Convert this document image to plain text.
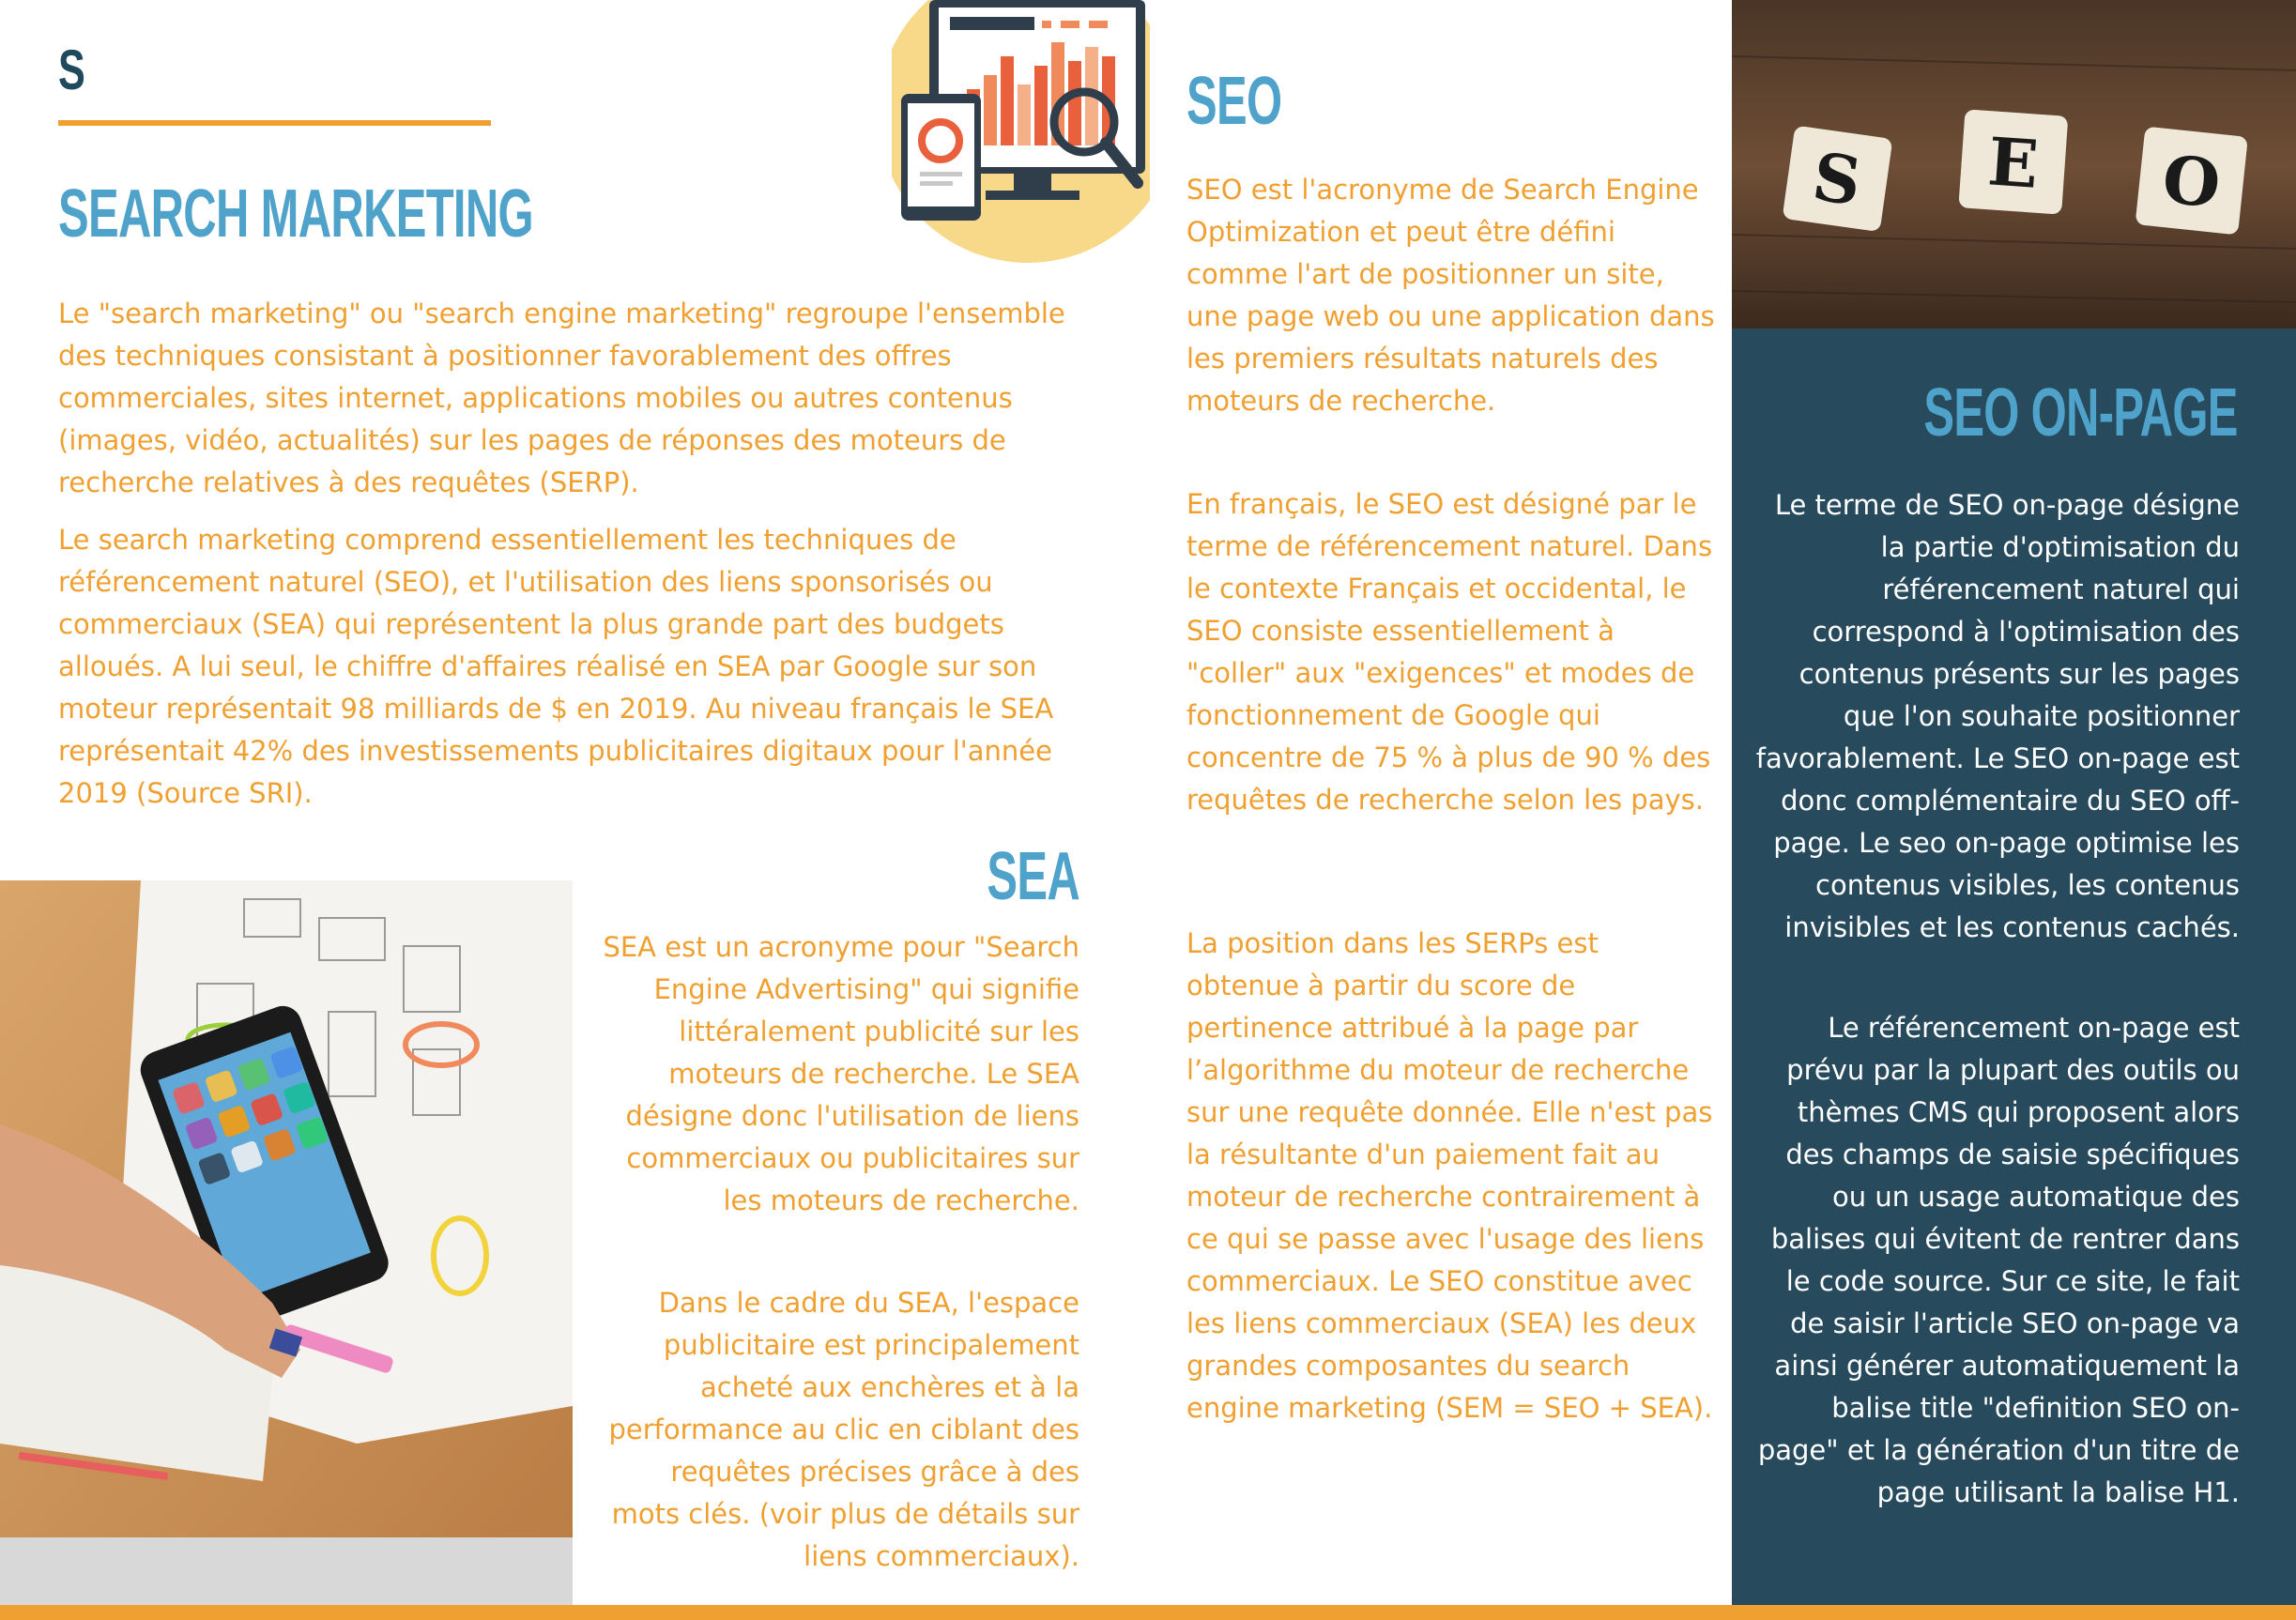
S
SEARCH MARKETING

Le "search marketing" ou "search engine marketing" regroupe l'ensemble des techniques consistant à positionner favorablement des offres commerciales, sites internet, applications mobiles ou autres contenus (images, vidéo, actualités) sur les pages de réponses des moteurs de recherche relatives à des requêtes (SERP).

Le search marketing comprend essentiellement les techniques de référencement naturel (SEO), et l'utilisation des liens sponsorisés ou commerciaux (SEA) qui représentent la plus grande part des budgets alloués. A lui seul, le chiffre d'affaires réalisé en SEA par Google sur son moteur représentait 98 milliards de $ en 2019. Au niveau français le SEA représentait 42% des investissements publicitaires digitaux pour l'année 2019 (Source SRI).

SEA

SEA est un acronyme pour "Search Engine Advertising" qui signifie littéralement publicité sur les moteurs de recherche. Le SEA désigne donc l'utilisation de liens commerciaux ou publicitaires sur les moteurs de recherche.

Dans le cadre du SEA, l'espace publicitaire est principalement acheté aux enchères et à la performance au clic en ciblant des requêtes précises grâce à des mots clés. (voir plus de détails sur liens commerciaux).

SEO

SEO est l'acronyme de Search Engine Optimization et peut être défini comme l'art de positionner un site, une page web ou une application dans les premiers résultats naturels des moteurs de recherche.

En français, le SEO est désigné par le terme de référencement naturel. Dans le contexte Français et occidental, le SEO consiste essentiellement à "coller" aux "exigences" et modes de fonctionnement de Google qui concentre de 75 % à plus de 90 % des requêtes de recherche selon les pays.

La position dans les SERPs est obtenue à partir du score de pertinence attribué à la page par l’algorithme du moteur de recherche sur une requête donnée. Elle n'est pas la résultante d'un paiement fait au moteur de recherche contrairement à ce qui se passe avec l'usage des liens commerciaux. Le SEO constitue avec les liens commerciaux (SEA) les deux grandes composantes du search engine marketing (SEM = SEO + SEA).

S E O
SEO ON-PAGE

Le terme de SEO on-page désigne la partie d'optimisation du référencement naturel qui correspond à l'optimisation des contenus présents sur les pages que l'on souhaite positionner favorablement. Le SEO on-page est donc complémentaire du SEO off-page. Le seo on-page optimise les contenus visibles, les contenus invisibles et les contenus cachés.

Le référencement on-page est prévu par la plupart des outils ou thèmes CMS qui proposent alors des champs de saisie spécifiques ou un usage automatique des balises qui évitent de rentrer dans le code source. Sur ce site, le fait de saisir l'article SEO on-page va ainsi générer automatiquement la balise title "definition SEO on-page" et la génération d'un titre de page utilisant la balise H1.
